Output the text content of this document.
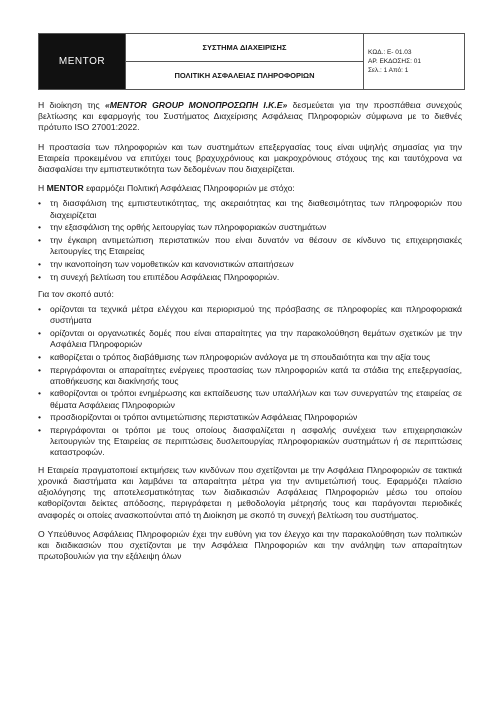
MENTOR
ΣΥΣΤΗΜΑ ΔΙΑΧΕΙΡΙΣΗΣ
ΠΟΛΙΤΙΚΗ ΑΣΦΑΛΕΙΑΣ ΠΛΗΡΟΦΟΡΙΩΝ
ΚΩΔ.: Ε- 01.03
ΑΡ. ΕΚΔΟΣΗΣ: 01
Σελ.: 1 Από: 1

Η διοίκηση της «MENTOR GROUP ΜΟΝΟΠΡΟΣΩΠΗ Ι.Κ.Ε» δεσμεύεται για την προσπάθεια συνεχούς βελτίωσης και εφαρμογής του Συστήματος Διαχείρισης Ασφάλειας Πληροφοριών σύμφωνα με το διεθνές πρότυπο ISO 27001:2022.

Η προστασία των πληροφοριών και των συστημάτων επεξεργασίας τους είναι υψηλής σημασίας για την Εταιρεία προκειμένου να επιτύχει τους βραχυχρόνιους και μακροχρόνιους στόχους της και ταυτόχρονα να διασφαλίσει την εμπιστευτικότητα των δεδομένων που διαχειρίζεται.

Η MENTOR εφαρμόζει Πολιτική Ασφάλειας Πληροφοριών με στόχο:

• τη διασφάλιση της εμπιστευτικότητας, της ακεραιότητας και της διαθεσιμότητας των πληροφοριών που διαχειρίζεται
• την εξασφάλιση της ορθής λειτουργίας των πληροφοριακών συστημάτων
• την έγκαιρη αντιμετώπιση περιστατικών που είναι δυνατόν να θέσουν σε κίνδυνο τις επιχειρησιακές λειτουργίες της Εταιρείας
• την ικανοποίηση των νομοθετικών και κανονιστικών απαιτήσεων
• τη συνεχή βελτίωση του επιπέδου Ασφάλειας Πληροφοριών.

Για τον σκοπό αυτό:

• ορίζονται τα τεχνικά μέτρα ελέγχου και περιορισμού της πρόσβασης σε πληροφορίες και πληροφοριακά συστήματα
• ορίζονται οι οργανωτικές δομές που είναι απαραίτητες για την παρακολούθηση θεμάτων σχετικών με την Ασφάλεια Πληροφοριών
• καθορίζεται ο τρόπος διαβάθμισης των πληροφοριών ανάλογα με τη σπουδαιότητα και την αξία τους
• περιγράφονται οι απαραίτητες ενέργειες προστασίας των πληροφοριών κατά τα στάδια της επεξεργασίας, αποθήκευσης και διακίνησής τους
• καθορίζονται οι τρόποι ενημέρωσης και εκπαίδευσης των υπαλλήλων και των συνεργατών της εταιρείας σε θέματα Ασφάλειας Πληροφοριών
• προσδιορίζονται οι τρόποι αντιμετώπισης περιστατικών Ασφάλειας Πληροφοριών
• περιγράφονται οι τρόποι με τους οποίους διασφαλίζεται η ασφαλής συνέχεια των επιχειρησιακών λειτουργιών της Εταιρείας σε περιπτώσεις δυσλειτουργίας πληροφοριακών συστημάτων ή σε περιπτώσεις καταστροφών.

Η Εταιρεία πραγματοποιεί εκτιμήσεις των κινδύνων που σχετίζονται με την Ασφάλεια Πληροφοριών σε τακτικά χρονικά διαστήματα και λαμβάνει τα απαραίτητα μέτρα για την αντιμετώπισή τους. Εφαρμόζει πλαίσιο αξιολόγησης της αποτελεσματικότητας των διαδικασιών Ασφάλειας Πληροφοριών μέσω του οποίου καθορίζονται δείκτες απόδοσης, περιγράφεται η μεθοδολογία μέτρησής τους και παράγονται περιοδικές αναφορές οι οποίες ανασκοπούνται από τη Διοίκηση με σκοπό τη συνεχή βελτίωση του συστήματος.

Ο Υπεύθυνος Ασφάλειας Πληροφοριών έχει την ευθύνη για τον έλεγχο και την παρακολούθηση των πολιτικών και διαδικασιών που σχετίζονται με την Ασφάλεια Πληροφοριών και την ανάληψη των απαραίτητων πρωτοβουλιών για την εξάλειψη όλων
